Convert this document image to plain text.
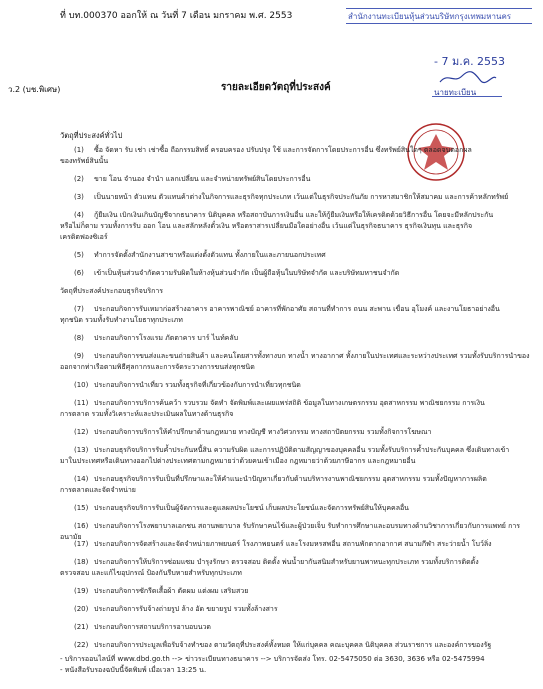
ที่ บท.000370 ออกให้ ณ วันที่ 7 เดือน มกราคม พ.ศ. 2553	สำนักงานทะเบียนหุ้นส่วนบริษัทกรุงเทพมหานคร
- 7 ม.ค. 2553
นายทะเบียน
ว.2 (บช.พิเศษ)	รายละเอียดวัตถุที่ประสงค์
วัตถุที่ประสงค์ทั่วไป
(1) ซื้อ จัดหา รับ เช่า เช่าซื้อ ถือกรรมสิทธิ์ ครอบครอง ปรับปรุง ใช้ และการจัดการโดยประการอื่น ซึ่งทรัพย์สินใดๆ ตลอดจนดอกผล
ของทรัพย์สินนั้น
(2) ขาย โอน จำนอง จำนำ แลกเปลี่ยน และจำหน่ายทรัพย์สินโดยประการอื่น
(3) เป็นนายหน้า ตัวแทน ตัวแทนค้าต่างในกิจการและธุรกิจทุกประเภท เว้นแต่ในธุรกิจประกันภัย การหาสมาชิกให้สมาคม และการค้าหลักทรัพย์
(4) กู้ยืมเงิน เบิกเงินเกินบัญชีจากธนาคาร นิติบุคคล หรือสถาบันการเงินอื่น และให้กู้ยืมเงินหรือให้เครดิตด้วยวิธีการอื่น โดยจะมีหลักประกัน
หรือไม่ก็ตาม รวมทั้งการรับ ออก โอน และสลักหลังตั๋วเงิน หรือตราสารเปลี่ยนมือใดอย่างอื่น เว้นแต่ในธุรกิจธนาคาร ธุรกิจเงินทุน และธุรกิจ
เครดิตฟองซิเอร์
(5) ทำการจัดตั้งสำนักงานสาขาหรือแต่งตั้งตัวแทน ทั้งภายในและภายนอกประเทศ
(6) เข้าเป็นหุ้นส่วนจำกัดความรับผิดในห้างหุ้นส่วนจำกัด เป็นผู้ถือหุ้นในบริษัทจำกัด และบริษัทมหาชนจำกัด
วัตถุที่ประสงค์ประกอบธุรกิจบริการ
(7) ประกอบกิจการรับเหมาก่อสร้างอาคาร อาคารพาณิชย์ อาคารที่พักอาศัย สถานที่ทำการ ถนน สะพาน เขื่อน อุโมงค์ และงานโยธาอย่างอื่น
ทุกชนิด รวมทั้งรับทำงานโยธาทุกประเภท
(8) ประกอบกิจการโรงแรม ภัตตาคาร บาร์ ไนท์คลับ
(9) ประกอบกิจการขนส่งและขนถ่ายสินค้า และคนโดยสารทั้งทางบก ทางน้ำ ทางอากาศ ทั้งภายในประเทศและระหว่างประเทศ รวมทั้งรับบริการนำของ
ออกจากท่าเรือตามพิธีศุลกากรและการจัดระวางการขนส่งทุกชนิด
(10) ประกอบกิจการนำเที่ยว รวมทั้งธุรกิจที่เกี่ยวข้องกับการนำเที่ยวทุกชนิด
(11) ประกอบกิจการบริการค้นคว้า รวบรวม จัดทำ จัดพิมพ์และเผยแพร่สถิติ ข้อมูลในทางเกษตรกรรม อุตสาหกรรม พาณิชยกรรม การเงิน
การตลาด รวมทั้งวิเคราะห์และประเมินผลในทางด้านธุรกิจ
(12) ประกอบกิจการบริการให้คำปรึกษาด้านกฎหมาย ทางบัญชี ทางวิศวกรรม ทางสถาปัตยกรรม รวมทั้งกิจการโฆษณา
(13) ประกอบธุรกิจบริการรับค้ำประกันหนี้สิน ความรับผิด และการปฏิบัติตามสัญญาของบุคคลอื่น รวมทั้งรับบริการค้ำประกันบุคคล ซึ่งเดินทางเข้า
มาในประเทศหรือเดินทางออกไปต่างประเทศตามกฎหมายว่าด้วยคนเข้าเมือง กฎหมายว่าด้วยภาษีอากร และกฎหมายอื่น
(14) ประกอบธุรกิจบริการรับเป็นที่ปรึกษาและให้คำแนะนำปัญหาเกี่ยวกับด้านบริหารงานพาณิชยกรรม อุตสาหกรรม รวมทั้งปัญหาการผลิต
การตลาดและจัดจำหน่าย
(15) ประกอบธุรกิจบริการรับเป็นผู้จัดการและดูแลผลประโยชน์ เก็บผลประโยชน์และจัดการทรัพย์สินให้บุคคลอื่น
(16) ประกอบกิจการโรงพยาบาลเอกชน สถานพยาบาล รับรักษาคนไข้และผู้ป่วยเจ็บ รับทำการศึกษาและอบรมทางด้านวิชาการเกี่ยวกับการแพทย์ การอนามัย
(17) ประกอบกิจการจัดสร้างและจัดจำหน่ายภาพยนตร์ โรงภาพยนตร์ และโรงมหรสพอื่น สถานพักตากอากาศ สนามกีฬา สระว่ายน้ำ โบว์ลิ่ง
(18) ประกอบกิจการให้บริการซ่อมแซม บำรุงรักษา ตรวจสอบ ติดตั้ง พ่นน้ำยากันสนิมสำหรับยานพาหนะทุกประเภท รวมทั้งบริการติดตั้ง
ตรวจสอบ และแก้ไขอุปกรณ์ ป้องกันรีบหายสำหรับทุกประเภท
(19) ประกอบกิจการซักรีดเสื้อผ้า ตัดผม แต่งผม เสริมสวย
(20) ประกอบกิจการรับจ้างถ่ายรูป ล้าง อัด ขยายรูป รวมทั้งล้างสาร
(21) ประกอบกิจการสถานบริการอาบอบนวด
(22) ประกอบกิจการประมูลเพื่อรับจ้างทำของ ตามวัตถุที่ประสงค์ทั้งหมด ให้แก่บุคคล คณะบุคคล นิติบุคคล ส่วนราชการ และองค์การของรัฐ
- บริการออนไลน์ที่ www.dbd.go.th --> ข่าวระเบียนทางธนาคาร --> บริการจัดส่ง โทร. 02-5475050 ต่อ 3630, 3636 หรือ 02-5475994
- หนังสือรับรองฉบับนี้จัดพิมพ์ เมื่อเวลา 13:25 น.
